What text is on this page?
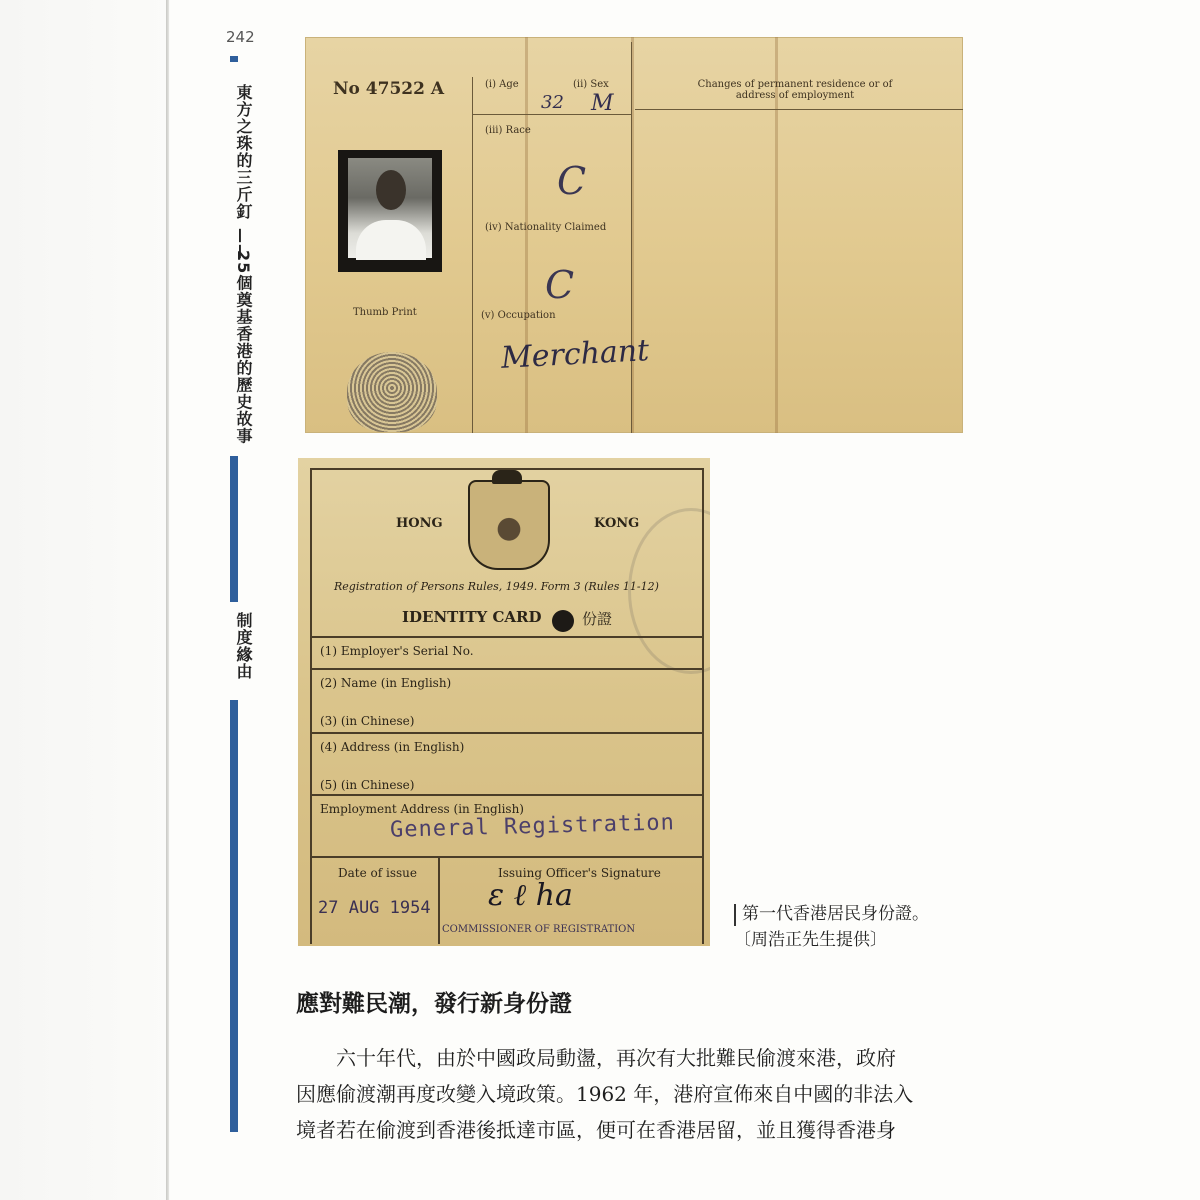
242
東方之珠的三斤釘
——
25個奠基香港的歷史故事
制度緣由
No 47522 A	(i) Age	(ii) Sex
32 M
Changes of permanent residence or of address of employment
(iii) Race
C
(iv) Nationality Claimed
C
(v) Occupation
Thumb Print
Merchant
HONG	KONG
Registration of Persons Rules, 1949. Form 3 (Rules 11-12)
IDENTITY CARD	份證
(1) Employer's Serial No.
(2) Name (in English)
(3) (in Chinese)
(4) Address (in English)
(5) (in Chinese)
Employment Address (in English)
General Registration
Date of issue	Issuing Officer's Signature
27 AUG 1954 ε ℓ ha
COMMISSIONER OF REGISTRATION
第一代香港居民身份證。
〔周浩正先生提供〕
應對難民潮，發行新身份證
　　六十年代，由於中國政局動盪，再次有大批難民偷渡來港，政府
因應偷渡潮再度改變入境政策。1962 年，港府宣佈來自中國的非法入
境者若在偷渡到香港後抵達市區，便可在香港居留，並且獲得香港身
